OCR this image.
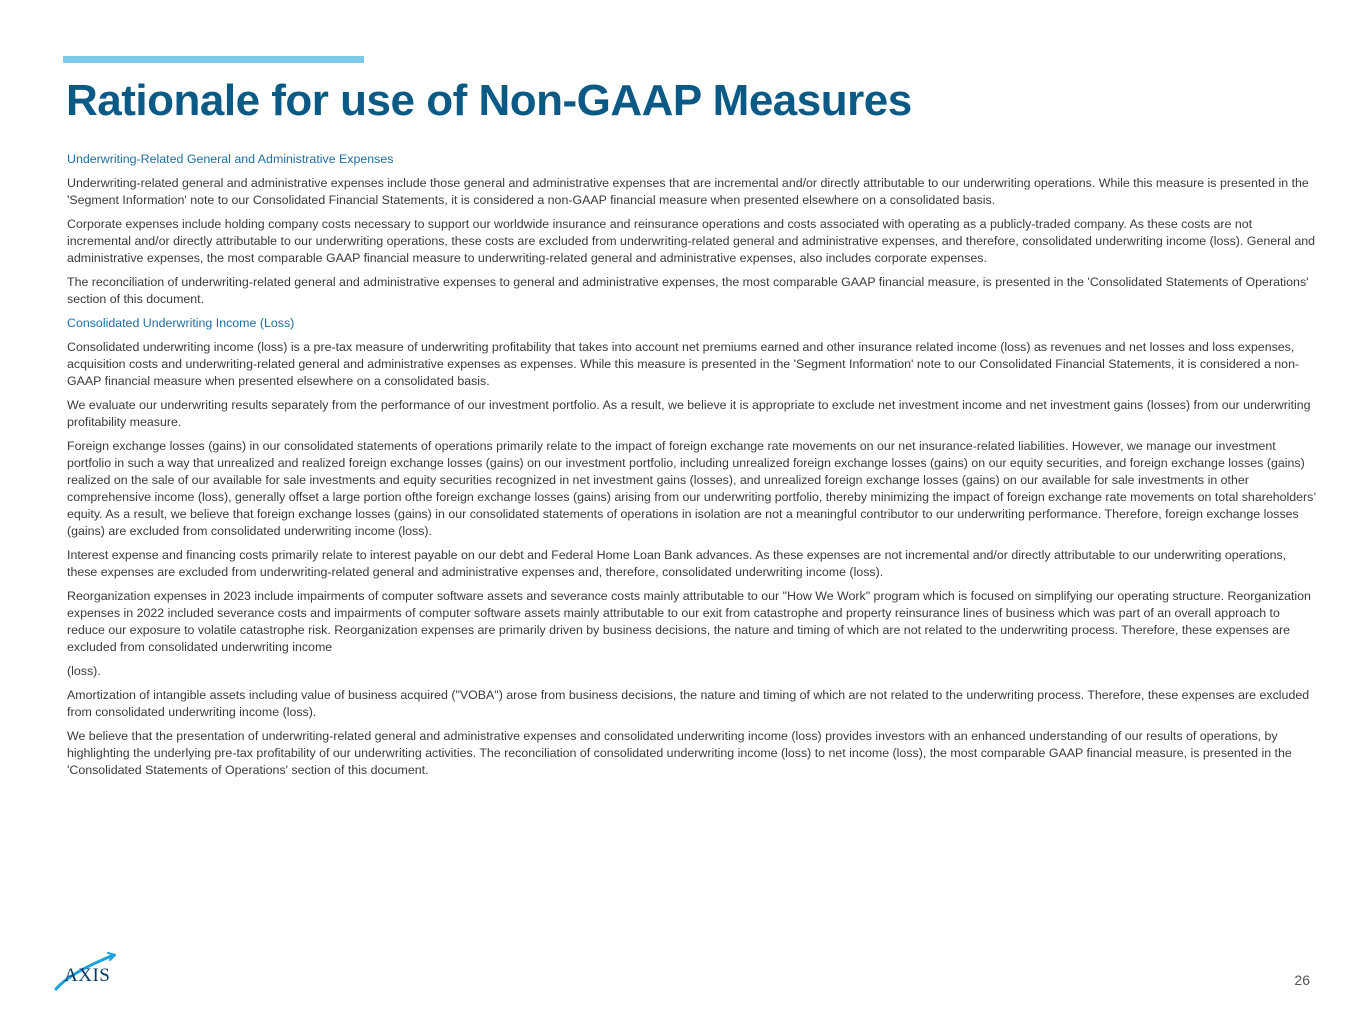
Rationale for use of Non-GAAP Measures
Underwriting-Related General and Administrative Expenses

Underwriting-related general and administrative expenses include those general and administrative expenses that are incremental and/or directly attributable to our underwriting operations. While this measure is presented in the 'Segment Information' note to our Consolidated Financial Statements, it is considered a non-GAAP financial measure when presented elsewhere on a consolidated basis.

Corporate expenses include holding company costs necessary to support our worldwide insurance and reinsurance operations and costs associated with operating as a publicly-traded company. As these costs are not incremental and/or directly attributable to our underwriting operations, these costs are excluded from underwriting-related general and administrative expenses, and therefore, consolidated underwriting income (loss). General and administrative expenses, the most comparable GAAP financial measure to underwriting-related general and administrative expenses, also includes corporate expenses.

The reconciliation of underwriting-related general and administrative expenses to general and administrative expenses, the most comparable GAAP financial measure, is presented in the 'Consolidated Statements of Operations' section of this document.

Consolidated Underwriting Income (Loss)

Consolidated underwriting income (loss) is a pre-tax measure of underwriting profitability that takes into account net premiums earned and other insurance related income (loss) as revenues and net losses and loss expenses, acquisition costs and underwriting-related general and administrative expenses as expenses. While this measure is presented in the 'Segment Information' note to our Consolidated Financial Statements, it is considered a non-GAAP financial measure when presented elsewhere on a consolidated basis.

We evaluate our underwriting results separately from the performance of our investment portfolio. As a result, we believe it is appropriate to exclude net investment income and net investment gains (losses) from our underwriting profitability measure.

Foreign exchange losses (gains) in our consolidated statements of operations primarily relate to the impact of foreign exchange rate movements on our net insurance-related liabilities. However, we manage our investment portfolio in such a way that unrealized and realized foreign exchange losses (gains) on our investment portfolio, including unrealized foreign exchange losses (gains) on our equity securities, and foreign exchange losses (gains) realized on the sale of our available for sale investments and equity securities recognized in net investment gains (losses), and unrealized foreign exchange losses (gains) on our available for sale investments in other comprehensive income (loss), generally offset a large portion ofthe foreign exchange losses (gains) arising from our underwriting portfolio, thereby minimizing the impact of foreign exchange rate movements on total shareholders’ equity. As a result, we believe that foreign exchange losses (gains) in our consolidated statements of operations in isolation are not a meaningful contributor to our underwriting performance. Therefore, foreign exchange losses (gains) are excluded from consolidated underwriting income (loss).

Interest expense and financing costs primarily relate to interest payable on our debt and Federal Home Loan Bank advances. As these expenses are not incremental and/or directly attributable to our underwriting operations, these expenses are excluded from underwriting-related general and administrative expenses and, therefore, consolidated underwriting income (loss).

Reorganization expenses in 2023 include impairments of computer software assets and severance costs mainly attributable to our "How We Work" program which is focused on simplifying our operating structure. Reorganization expenses in 2022 included severance costs and impairments of computer software assets mainly attributable to our exit from catastrophe and property reinsurance lines of business which was part of an overall approach to reduce our exposure to volatile catastrophe risk. Reorganization expenses are primarily driven by business decisions, the nature and timing of which are not related to the underwriting process. Therefore, these expenses are excluded from consolidated underwriting income

(loss).

Amortization of intangible assets including value of business acquired ("VOBA") arose from business decisions, the nature and timing of which are not related to the underwriting process. Therefore, these expenses are excluded from consolidated underwriting income (loss).

We believe that the presentation of underwriting-related general and administrative expenses and consolidated underwriting income (loss) provides investors with an enhanced understanding of our results of operations, by highlighting the underlying pre-tax profitability of our underwriting activities. The reconciliation of consolidated underwriting income (loss) to net income (loss), the most comparable GAAP financial measure, is presented in the 'Consolidated Statements of Operations' section of this document.

AXIS	26
